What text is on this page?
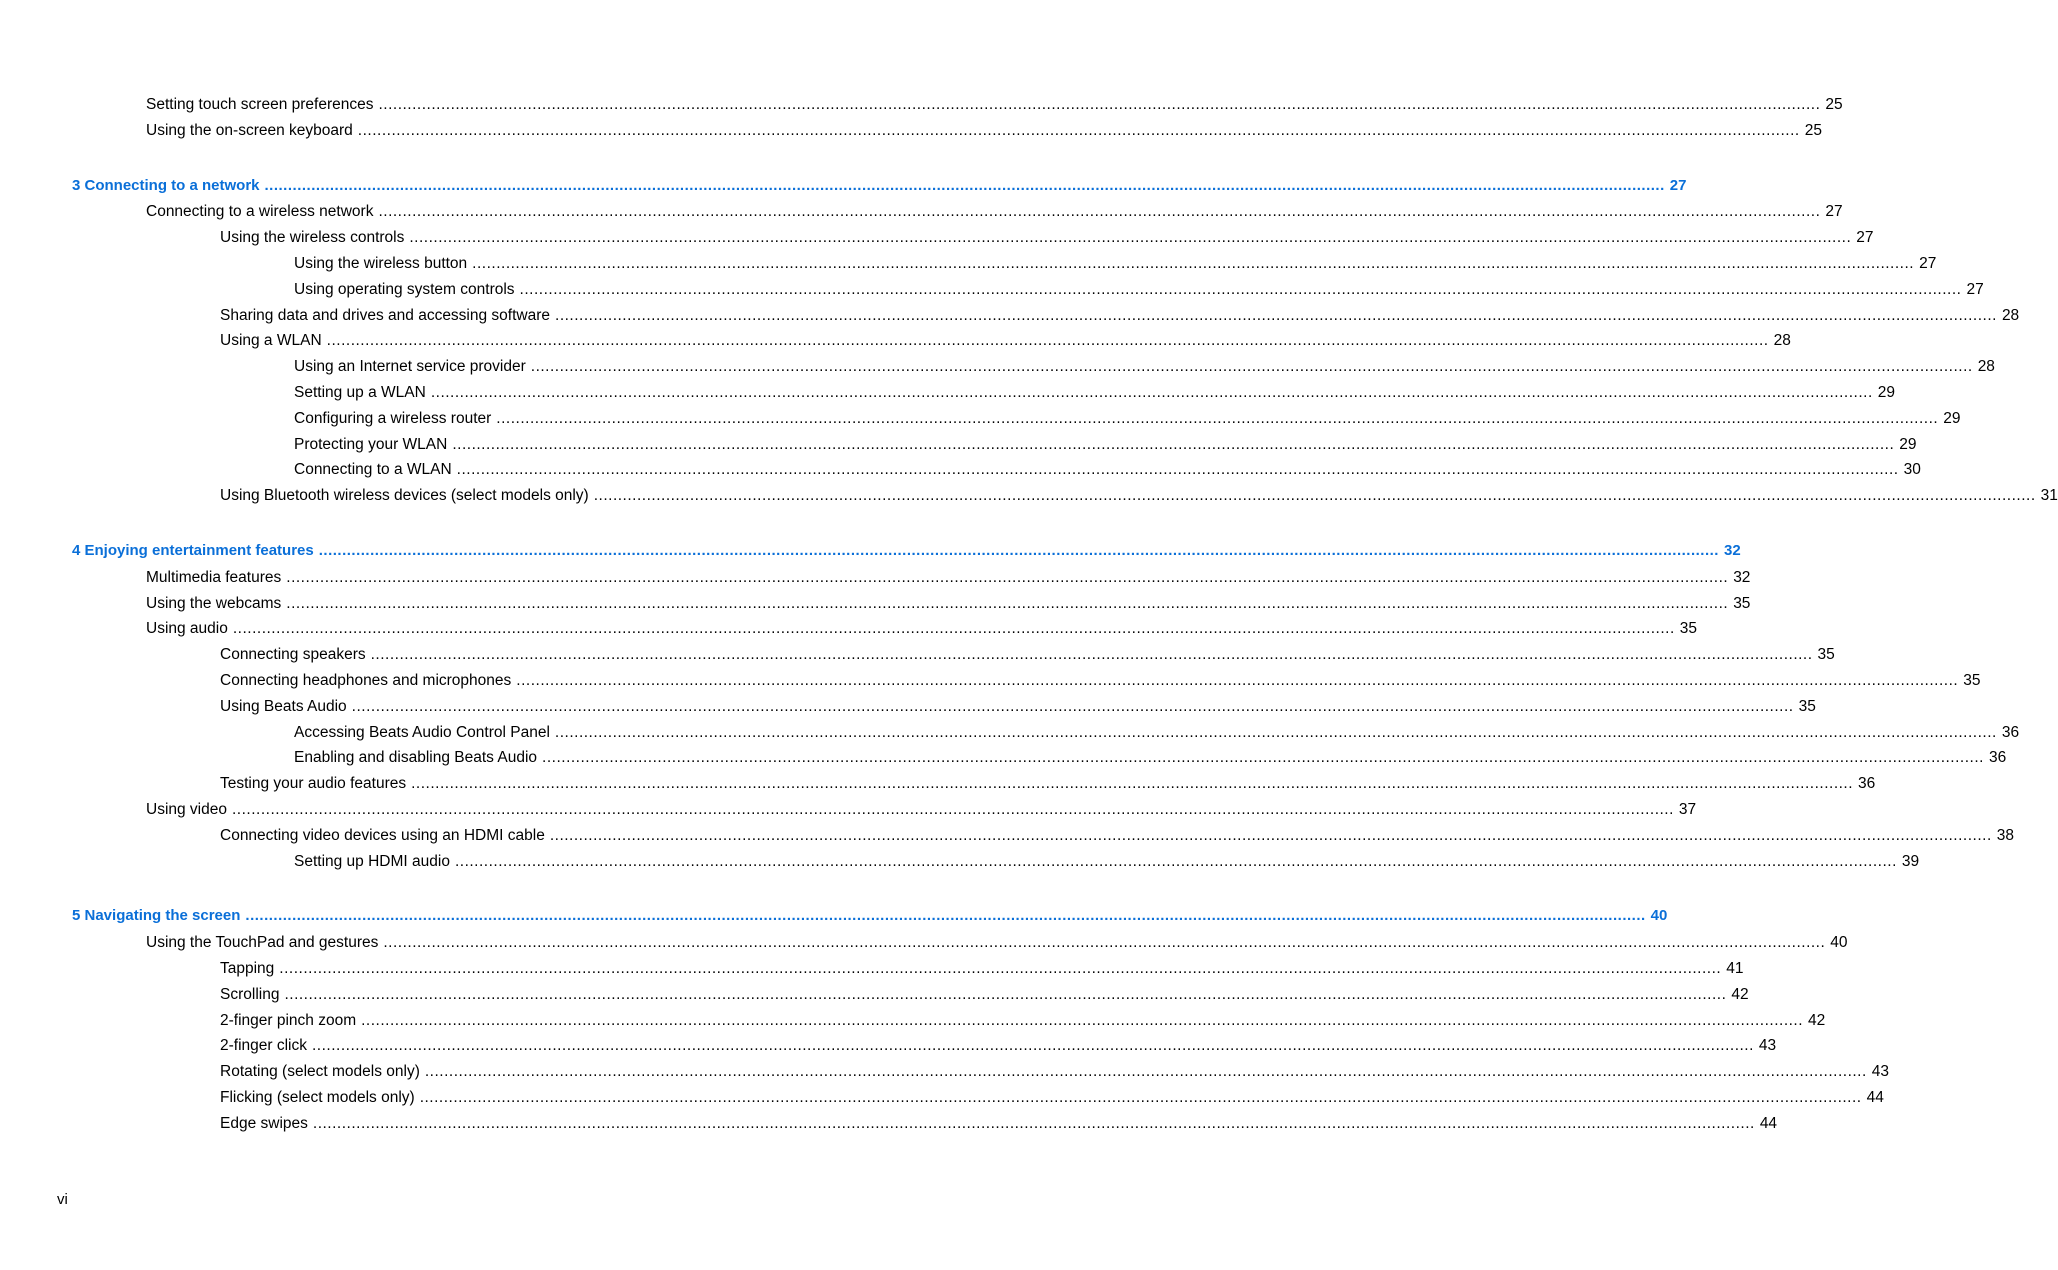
Setting touch screen preferences ............................................................................................................................................................................................................................................................................................................ 25
Using the on-screen keyboard ............................................................................................................................................................................................................................................................................................................ 25
3 Connecting to a network ............................................................................................................................................................................................................................................................................................................ 27
Connecting to a wireless network ............................................................................................................................................................................................................................................................................................................ 27
Using the wireless controls ............................................................................................................................................................................................................................................................................................................ 27
Using the wireless button ............................................................................................................................................................................................................................................................................................................ 27
Using operating system controls ............................................................................................................................................................................................................................................................................................................ 27
Sharing data and drives and accessing software ............................................................................................................................................................................................................................................................................................................ 28
Using a WLAN ............................................................................................................................................................................................................................................................................................................ 28
Using an Internet service provider ............................................................................................................................................................................................................................................................................................................ 28
Setting up a WLAN ............................................................................................................................................................................................................................................................................................................ 29
Configuring a wireless router ............................................................................................................................................................................................................................................................................................................ 29
Protecting your WLAN ............................................................................................................................................................................................................................................................................................................ 29
Connecting to a WLAN ............................................................................................................................................................................................................................................................................................................ 30
Using Bluetooth wireless devices (select models only) ............................................................................................................................................................................................................................................................................................................ 31
4 Enjoying entertainment features ............................................................................................................................................................................................................................................................................................................ 32
Multimedia features ............................................................................................................................................................................................................................................................................................................ 32
Using the webcams ............................................................................................................................................................................................................................................................................................................ 35
Using audio ............................................................................................................................................................................................................................................................................................................ 35
Connecting speakers ............................................................................................................................................................................................................................................................................................................ 35
Connecting headphones and microphones ............................................................................................................................................................................................................................................................................................................ 35
Using Beats Audio ............................................................................................................................................................................................................................................................................................................ 35
Accessing Beats Audio Control Panel ............................................................................................................................................................................................................................................................................................................ 36
Enabling and disabling Beats Audio ............................................................................................................................................................................................................................................................................................................ 36
Testing your audio features ............................................................................................................................................................................................................................................................................................................ 36
Using video ............................................................................................................................................................................................................................................................................................................ 37
Connecting video devices using an HDMI cable ............................................................................................................................................................................................................................................................................................................ 38
Setting up HDMI audio ............................................................................................................................................................................................................................................................................................................ 39
5 Navigating the screen ............................................................................................................................................................................................................................................................................................................ 40
Using the TouchPad and gestures ............................................................................................................................................................................................................................................................................................................ 40
Tapping ............................................................................................................................................................................................................................................................................................................ 41
Scrolling ............................................................................................................................................................................................................................................................................................................ 42
2-finger pinch zoom ............................................................................................................................................................................................................................................................................................................ 42
2-finger click ............................................................................................................................................................................................................................................................................................................ 43
Rotating (select models only) ............................................................................................................................................................................................................................................................................................................ 43
Flicking (select models only) ............................................................................................................................................................................................................................................................................................................ 44
Edge swipes ............................................................................................................................................................................................................................................................................................................ 44
vi
